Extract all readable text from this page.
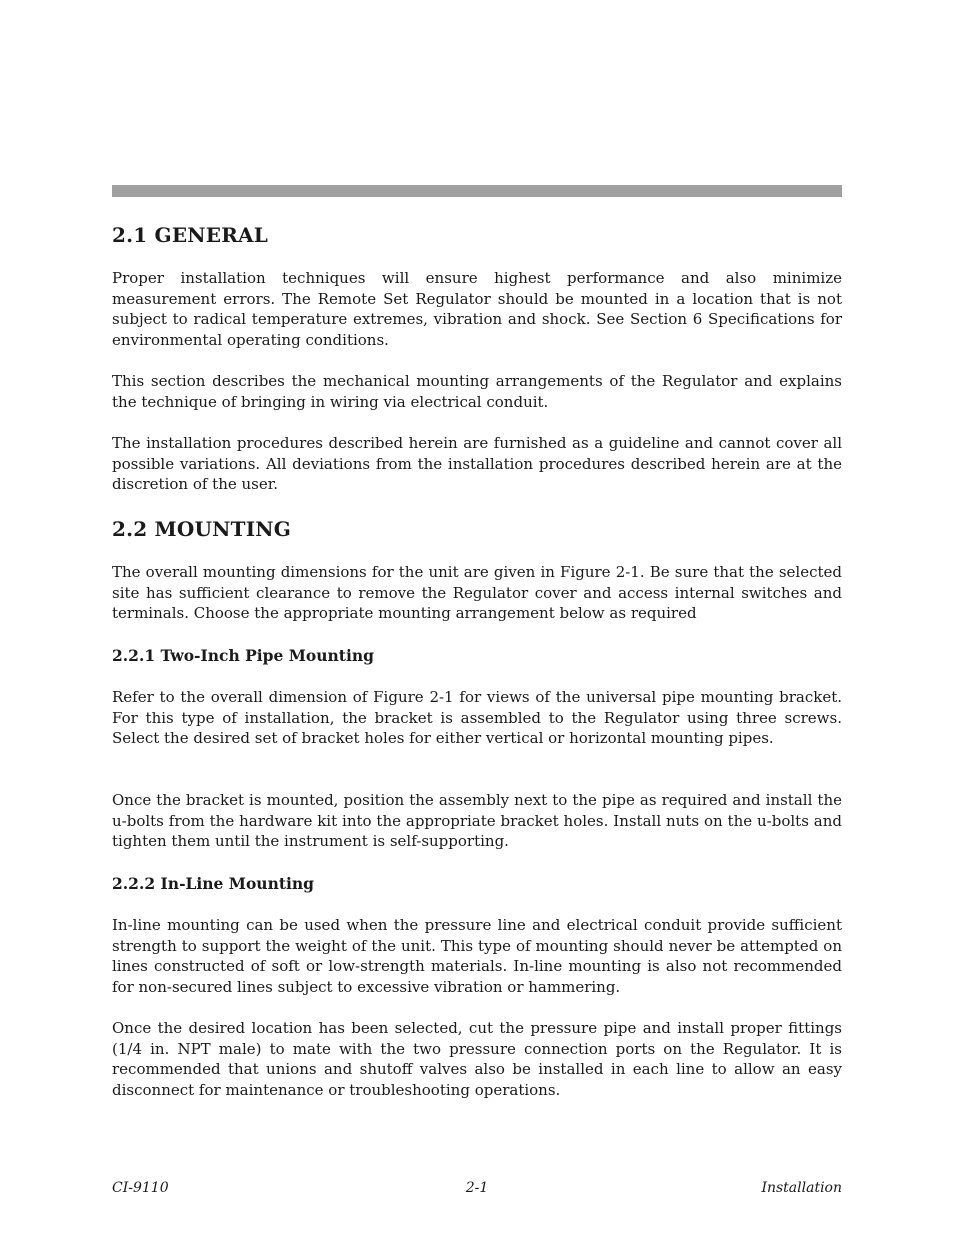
2.1 GENERAL

Proper installation techniques will ensure highest performance and also minimize measurement errors. The Remote Set Regulator should be mounted in a location that is not subject to radical temperature extremes, vibration and shock. See Section 6 Specifications for environmental operating conditions.

This section describes the mechanical mounting arrangements of the Regulator and explains the technique of bringing in wiring via electrical conduit.

The installation procedures described herein are furnished as a guideline and cannot cover all possible variations. All deviations from the installation procedures described herein are at the discretion of the user.

2.2 MOUNTING

The overall mounting dimensions for the unit are given in Figure 2-1. Be sure that the selected site has sufficient clearance to remove the Regulator cover and access internal switches and terminals. Choose the appropriate mounting arrangement below as required

2.2.1 Two-Inch Pipe Mounting

Refer to the overall dimension of Figure 2-1 for views of the universal pipe mounting bracket. For this type of installation, the bracket is assembled to the Regulator using three screws. Select the desired set of bracket holes for either vertical or horizontal mounting pipes.

Once the bracket is mounted, position the assembly next to the pipe as required and install the u-bolts from the hardware kit into the appropriate bracket holes. Install nuts on the u-bolts and tighten them until the instrument is self-supporting.

2.2.2 In-Line Mounting

In-line mounting can be used when the pressure line and electrical conduit provide sufficient strength to support the weight of the unit. This type of mounting should never be attempted on lines constructed of soft or low-strength materials. In-line mounting is also not recommended for non-secured lines subject to excessive vibration or hammering.

Once the desired location has been selected, cut the pressure pipe and install proper fittings (1/4 in. NPT male) to mate with the two pressure connection ports on the Regulator. It is recommended that unions and shutoff valves also be installed in each line to allow an easy disconnect for maintenance or troubleshooting operations.

CI-9110	2-1	Installation
